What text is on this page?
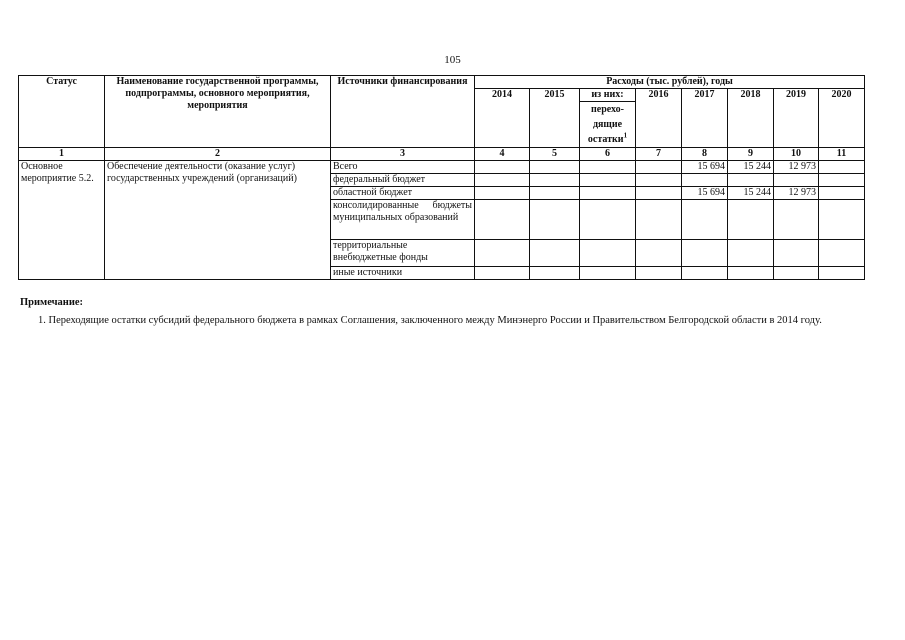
105
Статус	Наименование государственной программы, подпрограммы, основного мероприятия, мероприятия	Источники финансирования	Расходы (тыс. рублей), годы							
			2014	2015	из них:	2016	2017	2018	2019	2020
					перехо-дящие остатки$^1$
1	2	3	4	5	6	7	8	9	10	11
Основное мероприятие 5.2.	Обеспечение деятельности (оказание услуг) государственных учреждений (организаций)	Всего					15 694	15 244	12 973	
		федеральный бюджет								
		областной бюджет					15 694	15 244	12 973	

		консолидированные бюджеты муниципальных образований								

		территориальные внебюджетные фонды								
		иные источники								
Примечание:
1. Переходящие остатки субсидий федерального бюджета в рамках Соглашения, заключенного между Минэнерго России и Правительством Белгородской области в 2014 году.
